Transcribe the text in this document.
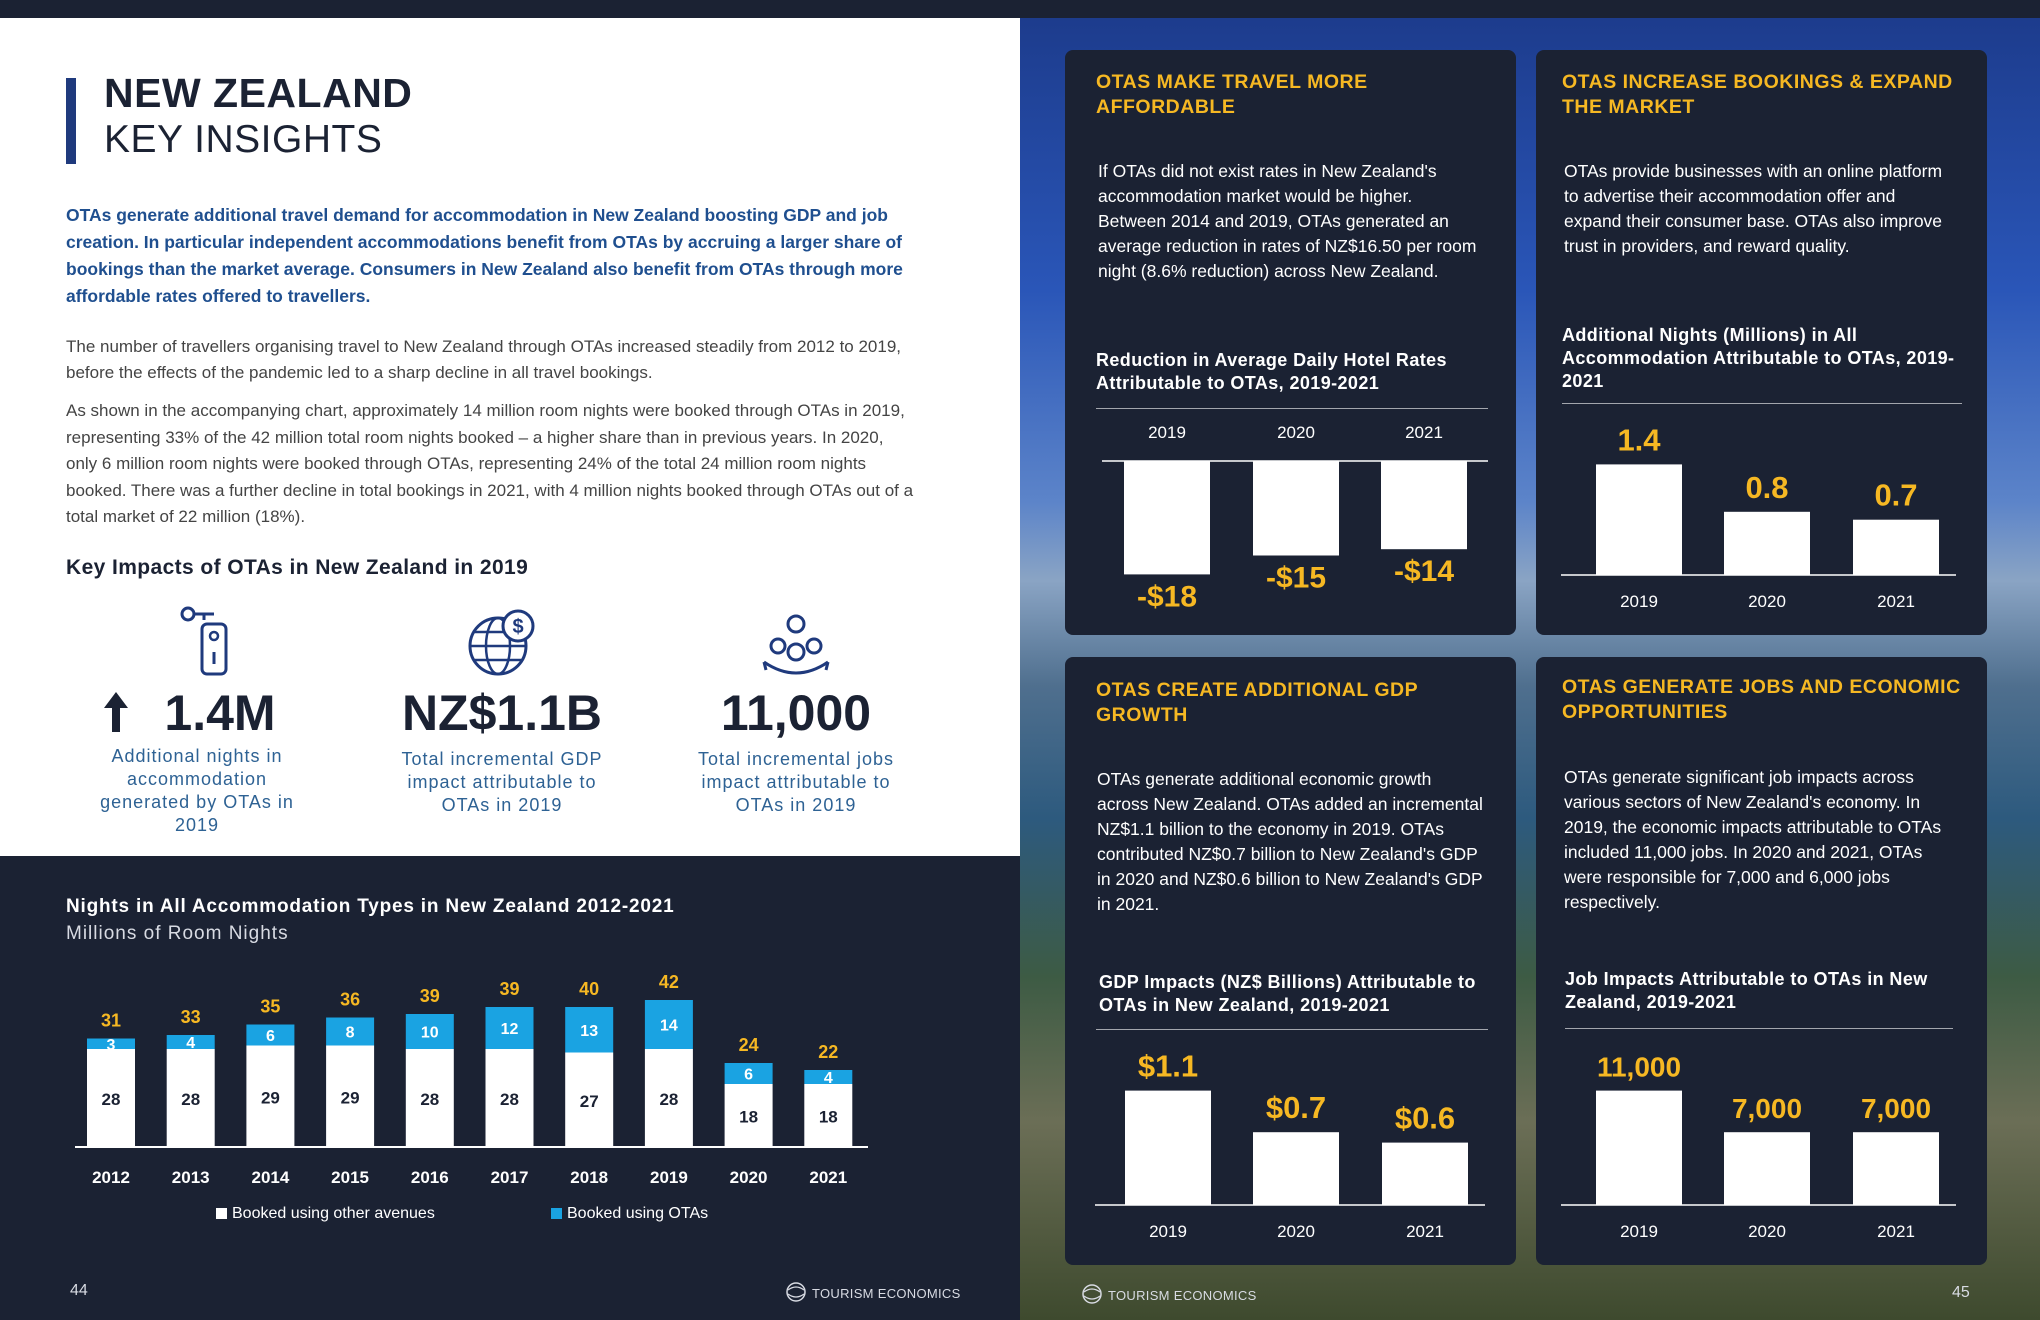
NEW ZEALAND
KEY INSIGHTS
OTAs generate additional travel demand for accommodation in New Zealand boosting GDP and job creation. In particular independent accommodations benefit from OTAs by accruing a larger share of bookings than the market average. Consumers in New Zealand also benefit from OTAs through more affordable rates offered to travellers.
The number of travellers organising travel to New Zealand through OTAs increased steadily from 2012 to 2019, before the effects of the pandemic led to a sharp decline in all travel bookings.
As shown in the accompanying chart, approximately 14 million room nights were booked through OTAs in 2019, representing 33% of the 42 million total room nights booked – a higher share than in previous years. In 2020, only 6 million room nights were booked through OTAs, representing 24% of the total 24 million room nights booked. There was a further decline in total bookings in 2021, with 4 million nights booked through OTAs out of a total market of 22 million (18%).
Key Impacts of OTAs in New Zealand in 2019
$
1.4M
Additional nights in accommodation generated by OTAs in 2019
NZ$1.1B
Total incremental GDP impact attributable to OTAs in 2019
11,000
Total incremental jobs impact attributable to OTAs in 2019
Nights in All Accommodation Types in New Zealand 2012-2021
Millions of Room Nights
28
3
31
2012
28
4
33
2013
29
6
35
2014
29
8
36
2015
28
10
39
2016
28
12
39
2017
27
13
40
2018
28
14
42
2019
18
6
24
2020
18
4
22
2021
Booked using other avenues	Booked using OTAs
44	TOURISM ECONOMICS
OTAS MAKE TRAVEL MORE AFFORDABLE
If OTAs did not exist rates in New Zealand's accommodation market would be higher. Between 2014 and 2019, OTAs generated an average reduction in rates of NZ$16.50 per room night (8.6% reduction) across New Zealand.
Reduction in Average Daily Hotel Rates Attributable to OTAs, 2019-2021
2019
-$18
2020
-$15
2021
-$14
OTAS INCREASE BOOKINGS & EXPAND THE MARKET
OTAs provide businesses with an online platform to advertise their accommodation offer and expand their consumer base. OTAs also improve trust in providers, and reward quality.
Additional Nights (Millions) in All Accommodation Attributable to OTAs, 2019-2021
1.4
2019
0.8
2020
0.7
2021
OTAS CREATE ADDITIONAL GDP GROWTH
OTAs generate additional economic growth across New Zealand. OTAs added an incremental NZ$1.1 billion to the economy in 2019. OTAs contributed NZ$0.7 billion to New Zealand's GDP in 2020 and NZ$0.6 billion to New Zealand's GDP in 2021.
GDP Impacts (NZ$ Billions) Attributable to OTAs in New Zealand, 2019-2021
$1.1
2019
$0.7
2020
$0.6
2021
OTAS GENERATE JOBS AND ECONOMIC OPPORTUNITIES
OTAs generate significant job impacts across various sectors of New Zealand's economy. In 2019, the economic impacts attributable to OTAs included 11,000 jobs. In 2020 and 2021, OTAs were responsible for 7,000 and 6,000 jobs respectively.
Job Impacts Attributable to OTAs in New Zealand, 2019-2021
11,000
2019
7,000
2020
7,000
2021
TOURISM ECONOMICS	45
